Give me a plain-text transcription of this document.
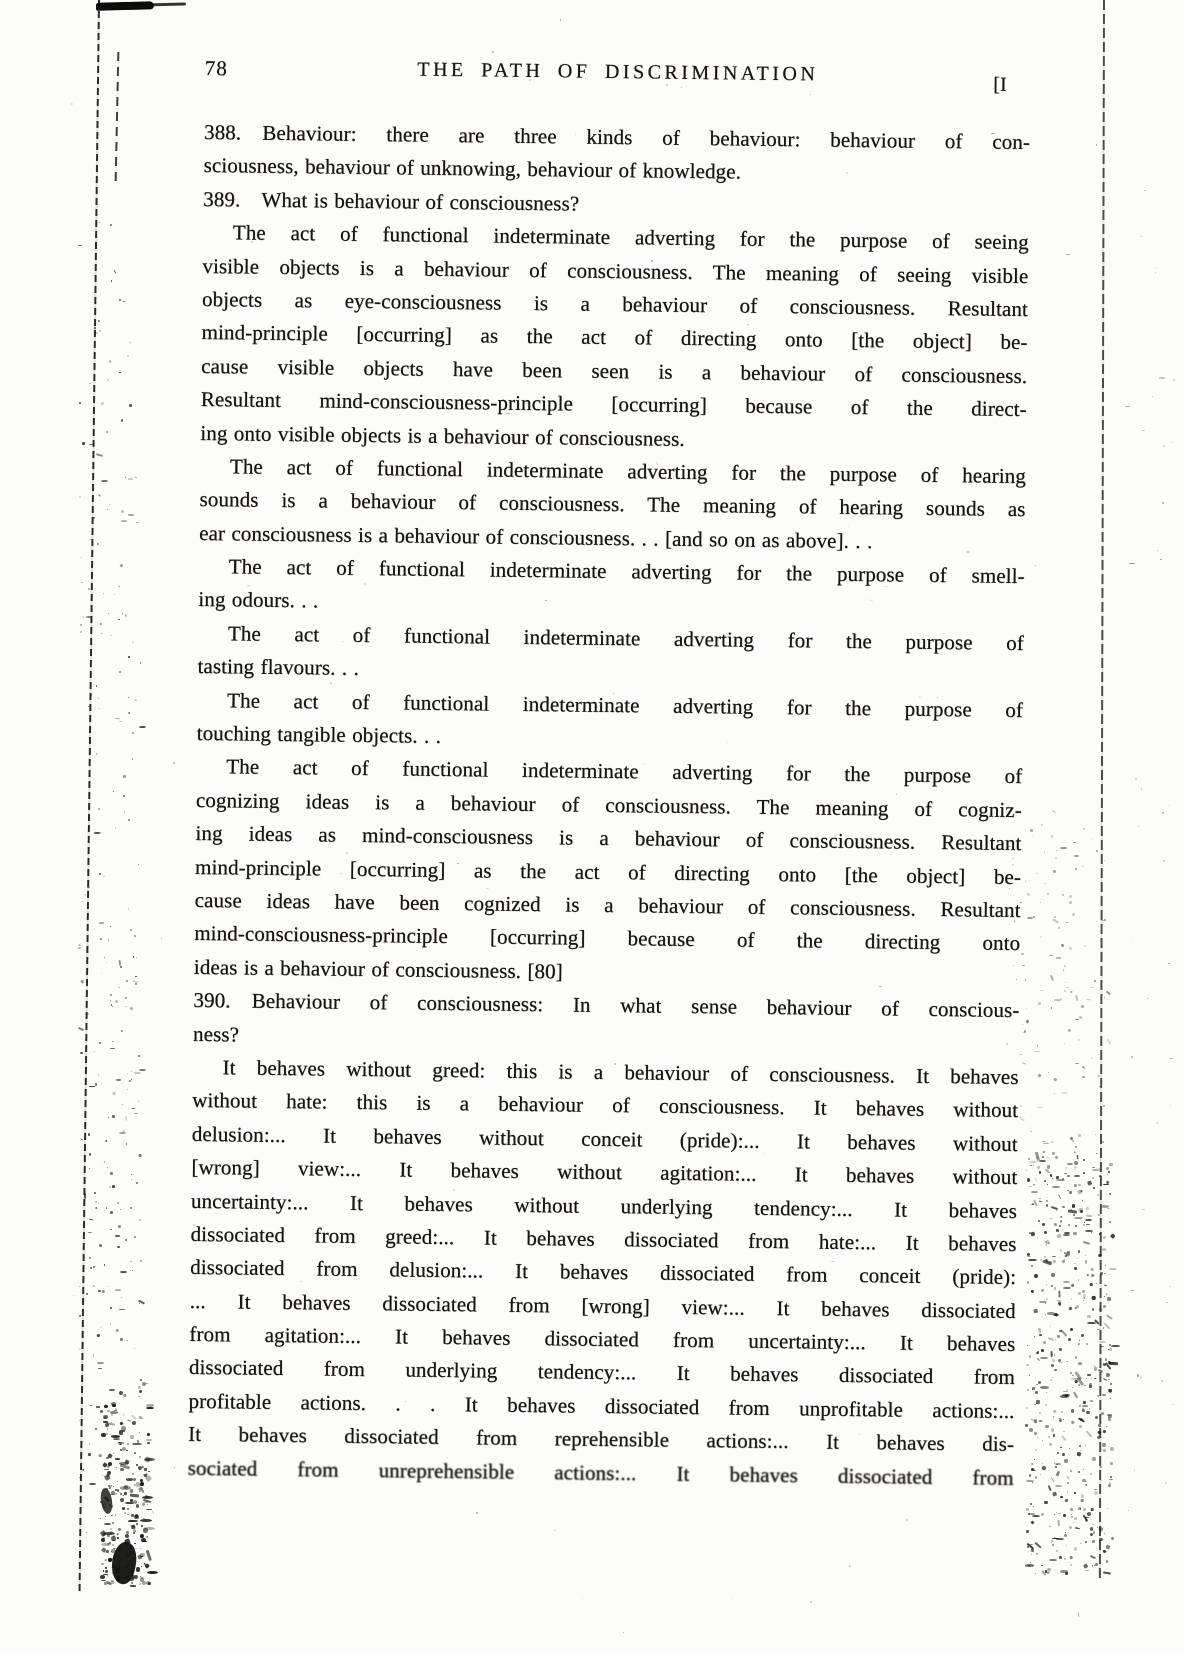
78	THE PATH OF DISCRIMINATION	[I
388. Behaviour: there are three kinds of behaviour: behaviour of con-
sciousness, behaviour of unknowing, behaviour of knowledge.
389. What is behaviour of consciousness?
The act of functional indeterminate adverting for the purpose of seeing
visible objects is a behaviour of consciousness. The meaning of seeing visible
objects as eye-consciousness is a behaviour of consciousness. Resultant
mind-principle [occurring] as the act of directing onto [the object] be-
cause visible objects have been seen is a behaviour of consciousness.
Resultant mind-consciousness-principle [occurring] because of the direct-
ing onto visible objects is a behaviour of consciousness.
The act of functional indeterminate adverting for the purpose of hearing
sounds is a behaviour of consciousness. The meaning of hearing sounds as
ear consciousness is a behaviour of consciousness. . . [and so on as above]. . .
The act of functional indeterminate adverting for the purpose of smell-
ing odours. . .
The act of functional indeterminate adverting for the purpose of
tasting flavours. . .
The act of functional indeterminate adverting for the purpose of
touching tangible objects. . .
The act of functional indeterminate adverting for the purpose of
cognizing ideas is a behaviour of consciousness. The meaning of cogniz-
ing ideas as mind-consciousness is a behaviour of consciousness. Resultant
mind-principle [occurring] as the act of directing onto [the object] be-
cause ideas have been cognized is a behaviour of consciousness. Resultant
mind-consciousness-principle [occurring] because of the directing onto
ideas is a behaviour of consciousness. [80]
390. Behaviour of consciousness: In what sense behaviour of conscious-
ness?
It behaves without greed: this is a behaviour of consciousness. It behaves
without hate: this is a behaviour of consciousness. It behaves without
delusion:... It behaves without conceit (pride):... It behaves without
[wrong] view:... It behaves without agitation:... It behaves without
uncertainty:... It behaves without underlying tendency:... It behaves
dissociated from greed:... It behaves dissociated from hate:... It behaves
dissociated from delusion:... It behaves dissociated from conceit (pride):
... It behaves dissociated from [wrong] view:... It behaves dissociated
from agitation:... It behaves dissociated from uncertainty:... It behaves
dissociated from underlying tendency:... It behaves dissociated from
profitable actions. . . It behaves dissociated from unprofitable actions:...
It behaves dissociated from reprehensible actions:... It behaves dis-
sociated from unreprehensible actions:... It behaves dissociated from
